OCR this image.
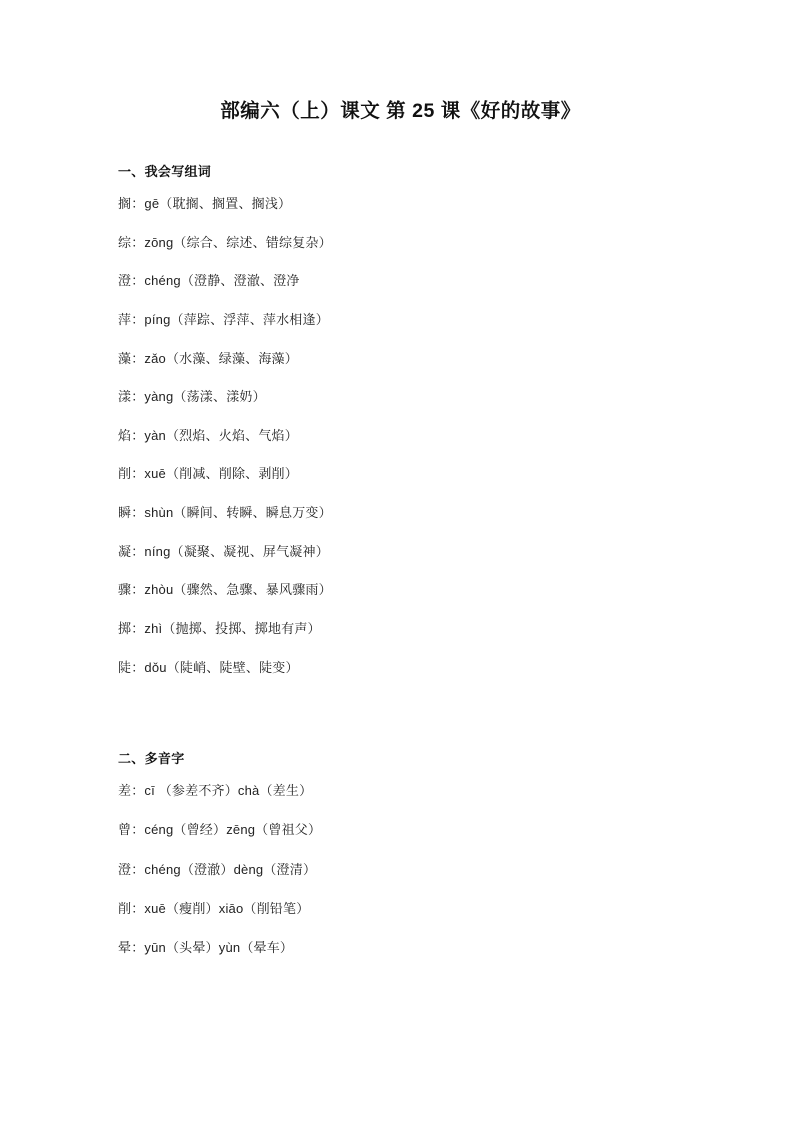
部编六（上）课文 第 25 课《好的故事》
一、我会写组词
搁：gē（耽搁、搁置、搁浅）
综：zōng（综合、综述、错综复杂）
澄：chéng（澄静、澄澈、澄净
萍：píng（萍踪、浮萍、萍水相逢）
藻：zǎo（水藻、绿藻、海藻）
漾：yàng（荡漾、漾奶）
焰：yàn（烈焰、火焰、气焰）
削：xuē（削减、削除、剥削）
瞬：shùn（瞬间、转瞬、瞬息万变）
凝：níng（凝聚、凝视、屏气凝神）
骤：zhòu（骤然、急骤、暴风骤雨）
掷：zhì（抛掷、投掷、掷地有声）
陡：dǒu（陡峭、陡壁、陡变）
二、多音字
差：cī （参差不齐）chà（差生）
曾：céng（曾经）zēng（曾祖父）
澄：chéng（澄澈）dèng（澄清）
削：xuē（瘦削）xiāo（削铅笔）
晕：yūn（头晕）yùn（晕车）
